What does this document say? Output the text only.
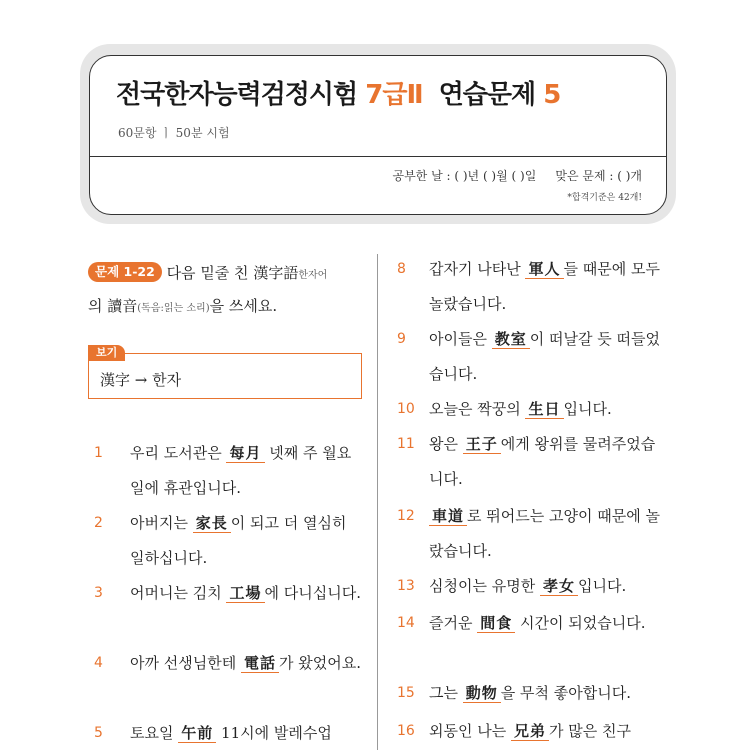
전국한자능력검정시험 7급Ⅱ 연습문제 5
60문항 ㅣ 50분 시험
공부한 날 : ( )년 ( )월 ( )일 맞은 문제 : ( )개
*합격기준은 42개!
문제 1-22 다음 밑줄 친 漢字語한자어
의 讀音(독음:읽는 소리)을 쓰세요.
보기
漢字 → 한자
1 우리 도서관은 每月 넷째 주 월요일에 휴관입니다.
2 아버지는 家長 이 되고 더 열심히 일하십니다.
3 어머니는 김치 工場 에 다니십니다.
4 아까 선생님한테 電話 가 왔었어요.
5 토요일 午前 11시에 발레수업
8 갑자기 나타난 軍人 들 때문에 모두 놀랐습니다.
9 아이들은 教室 이 떠날갈 듯 떠들었습니다.
10 오늘은 짝꿍의 生日 입니다.
11 왕은 王子 에게 왕위를 물려주었습니다.
12 車道 로 뛰어드는 고양이 때문에 놀랐습니다.
13 심청이는 유명한 孝女 입니다.
14 즐거운 間食 시간이 되었습니다.
15 그는 動物 을 무척 좋아합니다.
16 외동인 나는 兄弟 가 많은 친구
